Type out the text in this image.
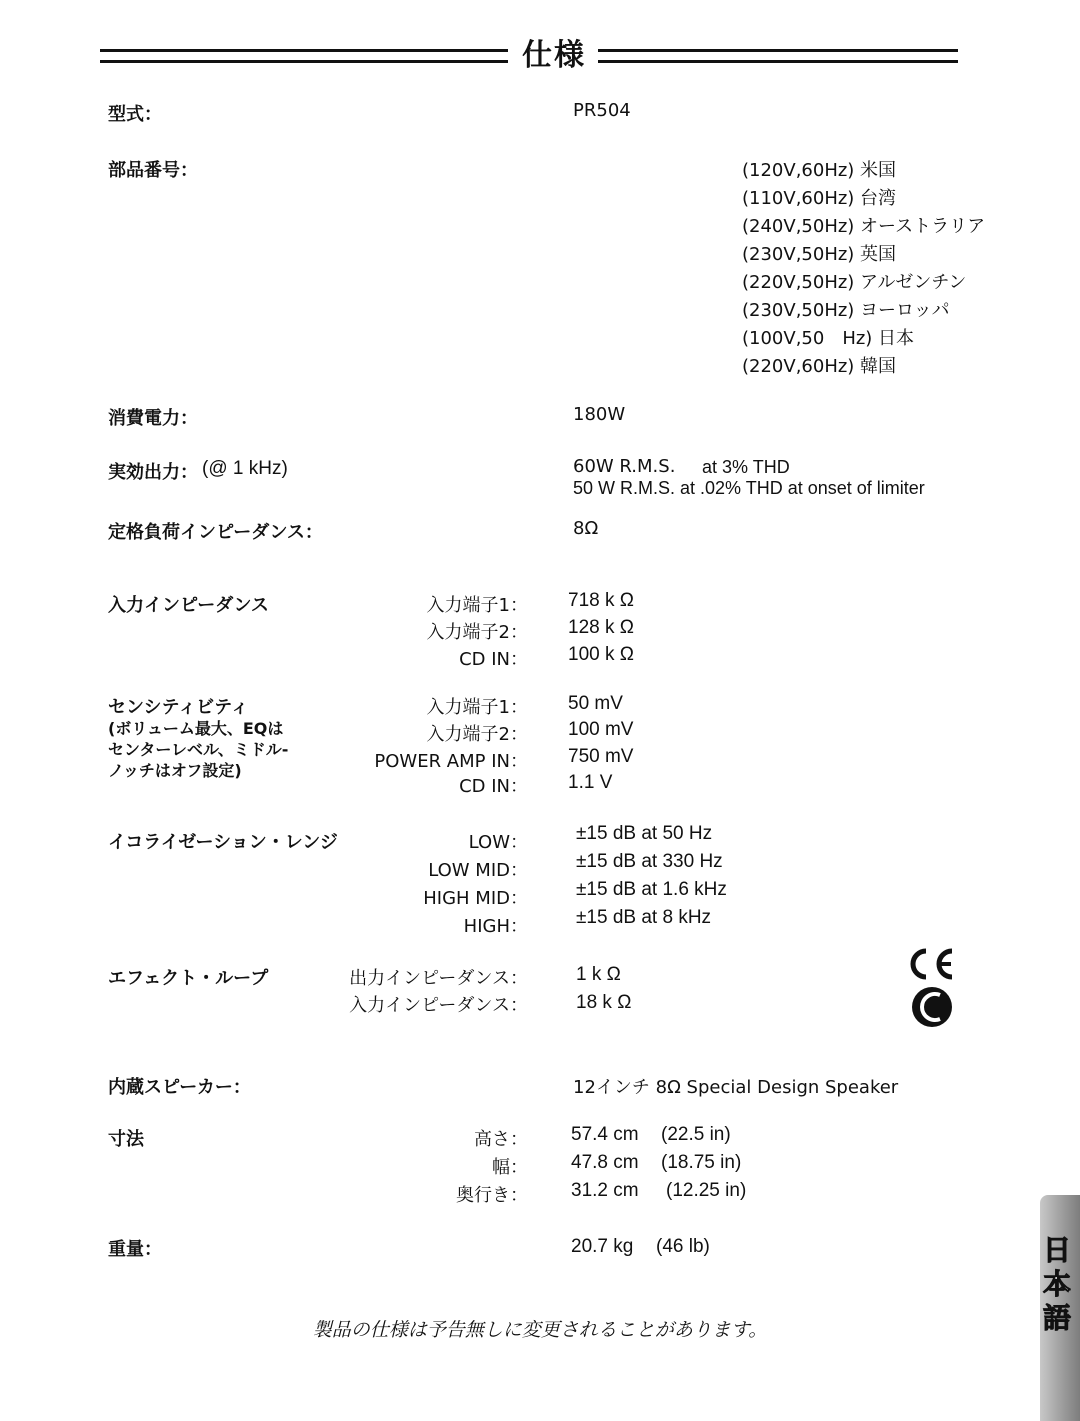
仕様
型式：	PR504
部品番号：	(120V,60Hz) 米国
(110V,60Hz) 台湾
(240V,50Hz) オーストラリア
(230V,50Hz) 英国
(220V,50Hz) アルゼンチン
(230V,50Hz) ヨーロッパ
(100V,50　Hz) 日本
(220V,60Hz) 韓国
消費電力：	180W
実効出力： (@ 1 kHz)	60W R.M.S. at 3% THD
50 W R.M.S. at .02% THD at onset of limiter
定格負荷インピーダンス：	8Ω
入力インピーダンス	入力端子1： 718 k Ω
入力端子2： 128 k Ω
CD IN： 100 k Ω
センシティビティ
(ボリューム最大、EQは
センターレベル、ミドル-
ノッチはオフ設定)
入力端子1： 50 mV
入力端子2： 100 mV
POWER AMP IN： 750 mV
CD IN： 1.1 V
イコライゼーション・レンジ	LOW：	±15 dB at 50 Hz
LOW MID：	±15 dB at 330 Hz
HIGH MID：	±15 dB at 1.6 kHz
HIGH：	±15 dB at 8 kHz
エフェクト・ループ	出力インピーダンス：	1 k Ω
入力インピーダンス：	18 k Ω
CE
C-tick
内蔵スピーカー：	12インチ 8Ω Special Design Speaker
寸法	高さ： 57.4 cm (22.5 in)
幅： 47.8 cm (18.75 in)
奥行き： 31.2 cm (12.25 in)
重量：	20.7 kg (46 lb)
製品の仕様は予告無しに変更されることがあります。	日本語
